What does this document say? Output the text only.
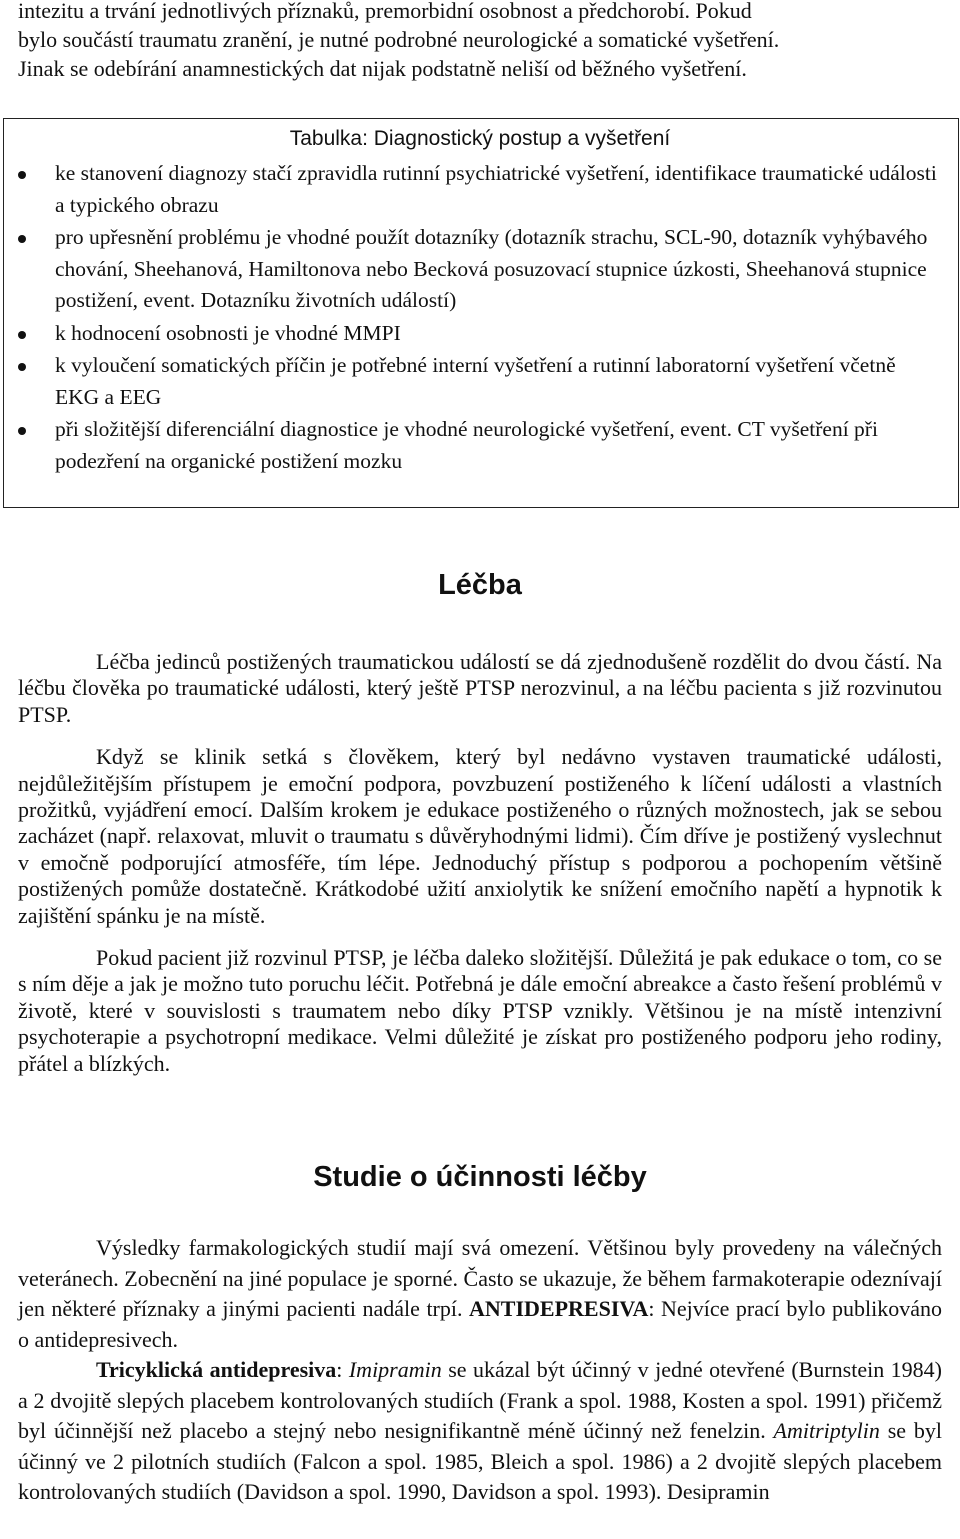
intezitu a trvání jednotlivých příznaků, premorbidní osobnost a předchorobí. Pokud
bylo součástí traumatu zranění, je nutné podrobné neurologické a somatické vyšetření.
Jinak se odebírání anamnestických dat nijak podstatně neliší od běžného vyšetření.
Tabulka: Diagnostický postup a vyšetření
ke stanovení diagnozy stačí zpravidla rutinní psychiatrické vyšetření, identifikace traumatické události a typického obrazu
pro upřesnění problému je vhodné použít dotazníky (dotazník strachu, SCL-90, dotazník vyhýbavého chování, Sheehanová, Hamiltonova nebo Becková posuzovací stupnice úzkosti, Sheehanová stupnice postižení, event. Dotazníku životních událostí)
k hodnocení osobnosti je vhodné MMPI
k vyloučení somatických příčin je potřebné interní vyšetření a rutinní laboratorní vyšetření včetně EKG a EEG
při složitější diferenciální diagnostice je vhodné neurologické vyšetření, event. CT vyšetření při podezření na organické postižení mozku
Léčba

Léčba jedinců postižených traumatickou událostí se dá zjednodušeně rozdělit do dvou částí. Na léčbu člověka po traumatické události, který ještě PTSP nerozvinul, a na léčbu pacienta s již rozvinutou PTSP.

Když se klinik setká s člověkem, který byl nedávno vystaven traumatické události, nejdůležitějším přístupem je emoční podpora, povzbuzení postiženého k líčení události a vlastních prožitků, vyjádření emocí. Dalším krokem je edukace postiženého o různých možnostech, jak se sebou zacházet (např. relaxovat, mluvit o traumatu s důvěryhodnými lidmi). Čím dříve je postižený vyslechnut v emočně podporující atmosféře, tím lépe. Jednoduchý přístup s podporou a pochopením většině postižených pomůže dostatečně. Krátkodobé užití anxiolytik ke snížení emočního napětí a hypnotik k zajištění spánku je na místě.

Pokud pacient již rozvinul PTSP, je léčba daleko složitější. Důležitá je pak edukace o tom, co se s ním děje a jak je možno tuto poruchu léčit. Potřebná je dále emoční abreakce a často řešení problémů v životě, které v souvislosti s traumatem nebo díky PTSP vznikly. Většinou je na místě intenzivní psychoterapie a psychotropní medikace. Velmi důležité je získat pro postiženého podporu jeho rodiny, přátel a blízkých.

Studie o účinnosti léčby

Výsledky farmakologických studií mají svá omezení. Většinou byly provedeny na válečných veteránech. Zobecnění na jiné populace je sporné. Často se ukazuje, že během farmakoterapie odeznívají jen některé příznaky a jinými pacienti nadále trpí. ANTIDEPRESIVA: Nejvíce prací bylo publikováno o antidepresivech.

Tricyklická antidepresiva: Imipramin se ukázal být účinný v jedné otevřené (Burnstein 1984) a 2 dvojitě slepých placebem kontrolovaných studiích (Frank a spol. 1988, Kosten a spol. 1991) přičemž byl účinnější než placebo a stejný nebo nesignifikantně méně účinný než fenelzin. Amitriptylin se byl účinný ve 2 pilotních studiích (Falcon a spol. 1985, Bleich a spol. 1986) a 2 dvojitě slepých placebem kontrolovaných studiích (Davidson a spol. 1990, Davidson a spol. 1993). Desipramin
